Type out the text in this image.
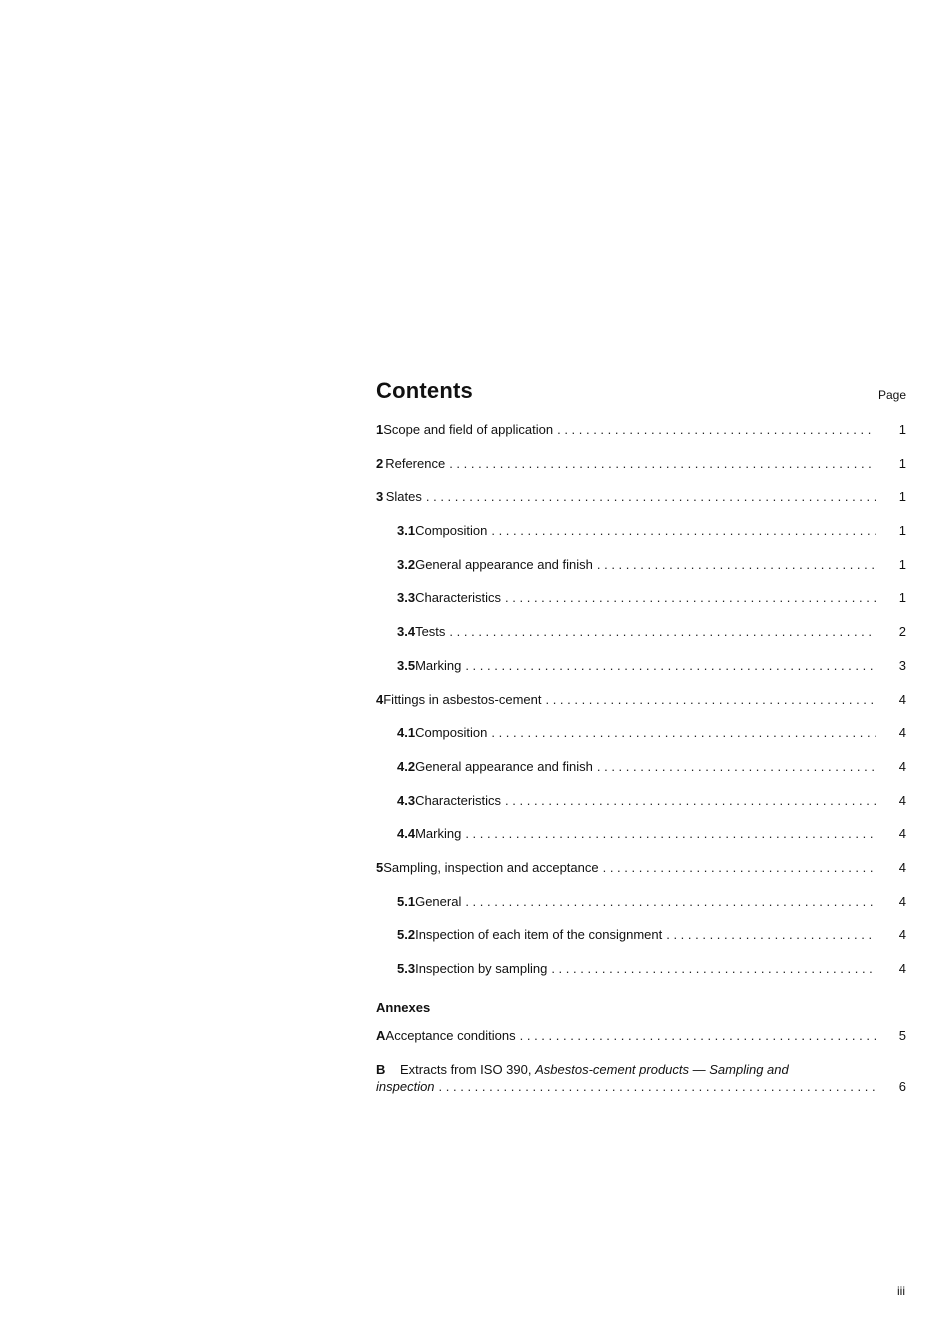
Contents	Page
1 Scope and field of application . . .	1
2 Reference . . .	1
3 Slates . . .	1
3.1 Composition . . .	1
3.2 General appearance and finish . . .	1
3.3 Characteristics . . .	1
3.4 Tests . . .	2
3.5 Marking . . .	3
4 Fittings in asbestos-cement . . .	4
4.1 Composition . . .	4
4.2 General appearance and finish . . .	4
4.3 Characteristics . . .	4
4.4 Marking . . .	4
5 Sampling, inspection and acceptance . . .	4
5.1 General . . .	4
5.2 Inspection of each item of the consignment . . .	4
5.3 Inspection by sampling . . .	4
Annexes
A Acceptance conditions . . .	5
B Extracts from ISO 390, Asbestos-cement products — Sampling and
inspection . . .	6
iii
